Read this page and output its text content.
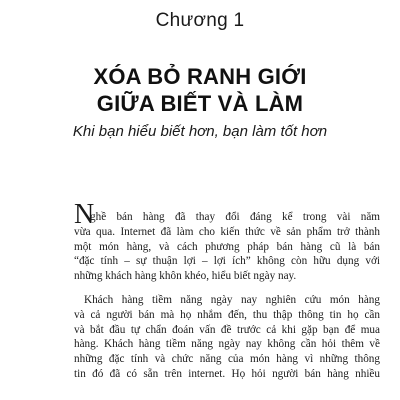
Chương 1
XÓA BỎ RANH GIỚI
GIỮA BIẾT VÀ LÀM
Khi bạn hiểu biết hơn, bạn làm tốt hơn
N
ghề bán hàng đã thay đổi đáng kể trong vài năm
vừa qua. Internet đã làm cho kiến thức về sản phẩm trở thành
một món hàng, và cách phương pháp bán hàng cũ là bán
“đặc tính – sự thuận lợi – lợi ích” không còn hữu dụng với
những khách hàng khôn khéo, hiểu biết ngày nay.
Khách hàng tiềm năng ngày nay nghiên cứu món hàng
và cả người bán mà họ nhắm đến, thu thập thông tin họ cần
và bắt đầu tự chẩn đoán vấn đề trước cả khi gặp bạn để mua
hàng. Khách hàng tiềm năng ngày nay không cần hỏi thêm về
những đặc tính và chức năng của món hàng vì những thông
tin đó đã có sẵn trên internet. Họ hỏi người bán hàng nhiều
